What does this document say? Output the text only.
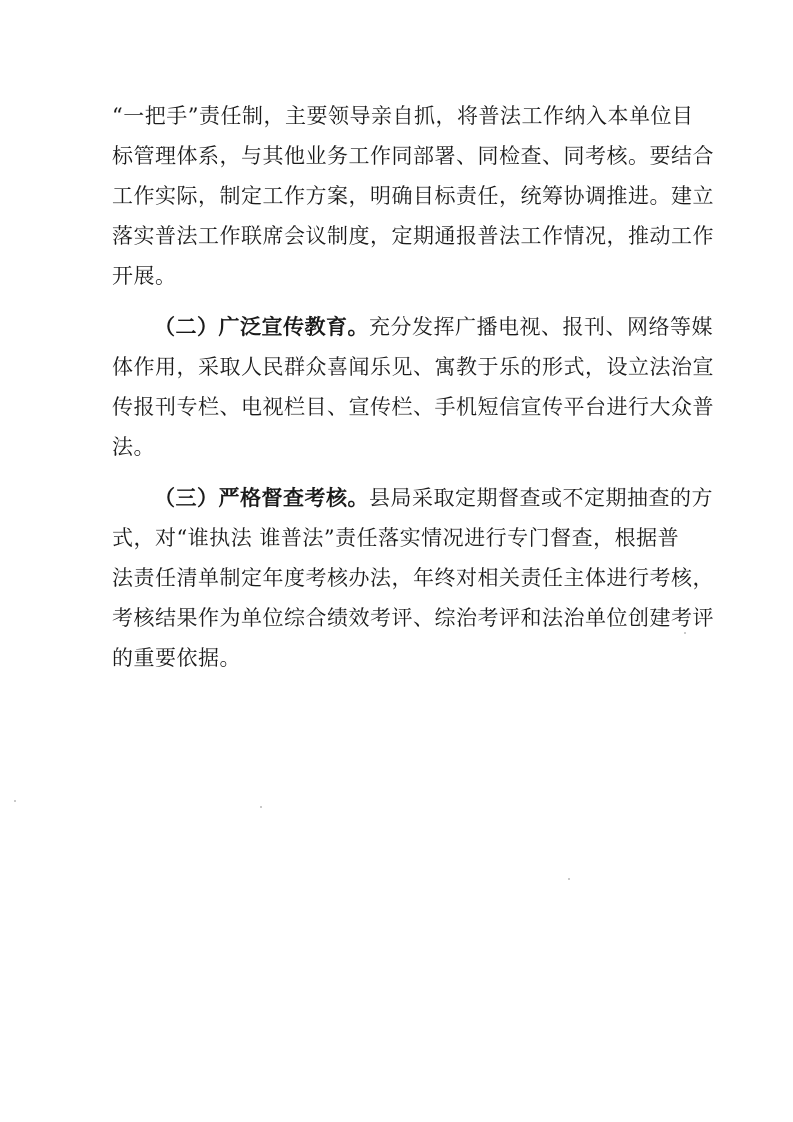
“一把手”责任制，主要领导亲自抓，将普法工作纳入本单位目
标管理体系，与其他业务工作同部署、同检查、同考核。要结合
工作实际，制定工作方案，明确目标责任，统筹协调推进。建立
落实普法工作联席会议制度，定期通报普法工作情况，推动工作
开展。

（二）广泛宣传教育。充分发挥广播电视、报刊、网络等媒
体作用，采取人民群众喜闻乐见、寓教于乐的形式，设立法治宣
传报刊专栏、电视栏目、宣传栏、手机短信宣传平台进行大众普
法。

（三）严格督查考核。县局采取定期督查或不定期抽查的方
式，对“谁执法 谁普法”责任落实情况进行专门督查，根据普
法责任清单制定年度考核办法，年终对相关责任主体进行考核，
考核结果作为单位综合绩效考评、综治考评和法治单位创建考评
的重要依据。
